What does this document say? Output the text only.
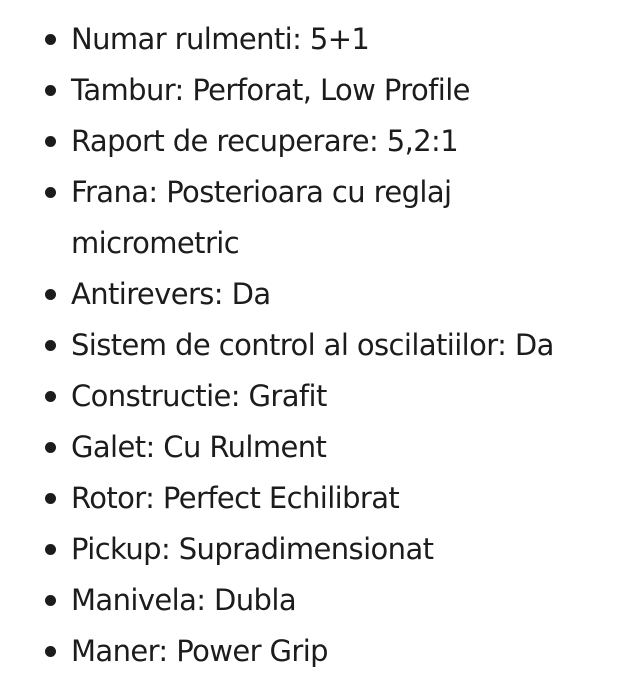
Numar rulmenti: 5+1
Tambur: Perforat, Low Profile
Raport de recuperare: 5,2:1
Frana: Posterioara cu reglaj micrometric
Antirevers: Da
Sistem de control al oscilatiilor: Da
Constructie: Grafit
Galet: Cu Rulment
Rotor: Perfect Echilibrat
Pickup: Supradimensionat
Manivela: Dubla
Maner: Power Grip
